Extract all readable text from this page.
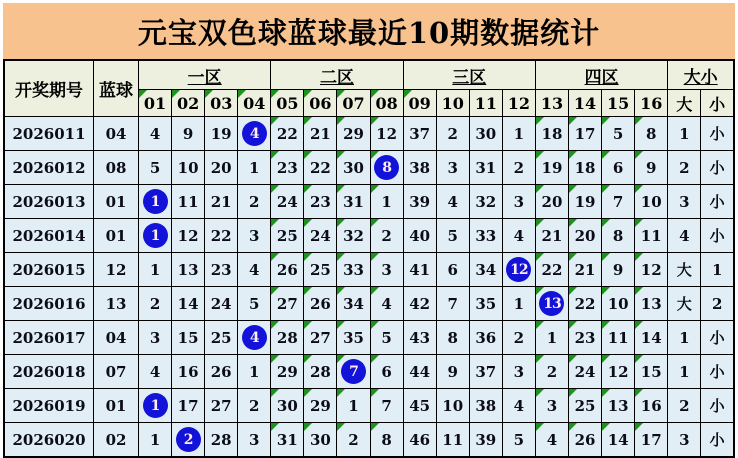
元宝双色球蓝球最近10期数据统计
开奖期号	蓝球	一区				二区				三区				四区				大小	
		01	02	03	04	05	06	07	08	09	10	11	12	13	14	15	16	大	小
2026011	04	4	9	19	4	22	21	29	12	37	2	30	1	18	17	5	8	1	小
2026012	08	5	10	20	1	23	22	30	8	38	3	31	2	19	18	6	9	2	小
2026013	01	1	11	21	2	24	23	31	1	39	4	32	3	20	19	7	10	3	小
2026014	01	1	12	22	3	25	24	32	2	40	5	33	4	21	20	8	11	4	小
2026015	12	1	13	23	4	26	25	33	3	41	6	34	12	22	21	9	12	大	1
2026016	13	2	14	24	5	27	26	34	4	42	7	35	1	13	22	10	13	大	2
2026017	04	3	15	25	4	28	27	35	5	43	8	36	2	1	23	11	14	1	小
2026018	07	4	16	26	1	29	28	7	6	44	9	37	3	2	24	12	15	1	小
2026019	01	1	17	27	2	30	29	1	7	45	10	38	4	3	25	13	16	2	小
2026020	02	1	2	28	3	31	30	2	8	46	11	39	5	4	26	14	17	3	小
